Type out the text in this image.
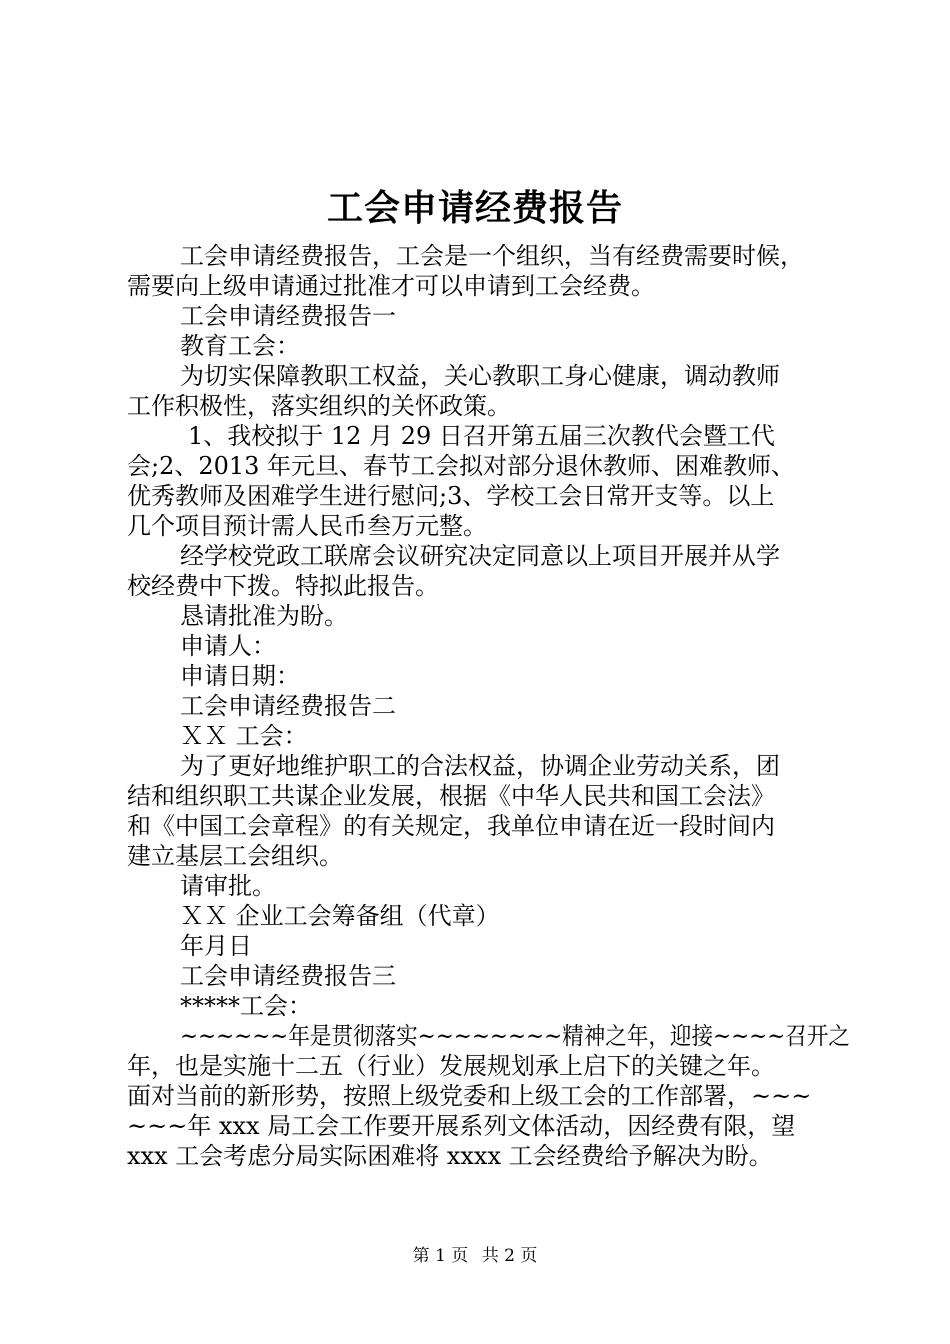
工会申请经费报告
工会申请经费报告，工会是一个组织，当有经费需要时候，
需要向上级申请通过批准才可以申请到工会经费。
工会申请经费报告一
教育工会：
为切实保障教职工权益，关心教职工身心健康，调动教师
工作积极性，落实组织的关怀政策。
1、我校拟于 12 月 29 日召开第五届三次教代会暨工代
会;2、2013 年元旦、春节工会拟对部分退休教师、困难教师、
优秀教师及困难学生进行慰问;3、学校工会日常开支等。以上
几个项目预计需人民币叁万元整。
经学校党政工联席会议研究决定同意以上项目开展并从学
校经费中下拨。特拟此报告。
恳请批准为盼。
申请人：
申请日期：
工会申请经费报告二
ＸＸ 工会：
为了更好地维护职工的合法权益，协调企业劳动关系，团
结和组织职工共谋企业发展，根据《中华人民共和国工会法》
和《中国工会章程》的有关规定，我单位申请在近一段时间内
建立基层工会组织。
请审批。
ＸＸ 企业工会筹备组（代章）
年月日
工会申请经费报告三
*****工会：
~~~~~~年是贯彻落实~~~~~~~~精神之年，迎接~~~~召开之
年，也是实施十二五（行业）发展规划承上启下的关键之年。
面对当前的新形势，按照上级党委和上级工会的工作部署，~~~
~~~年 xxx 局工会工作要开展系列文体活动，因经费有限，望
xxx 工会考虑分局实际困难将 xxxx 工会经费给予解决为盼。
第 1 页 共 2 页
